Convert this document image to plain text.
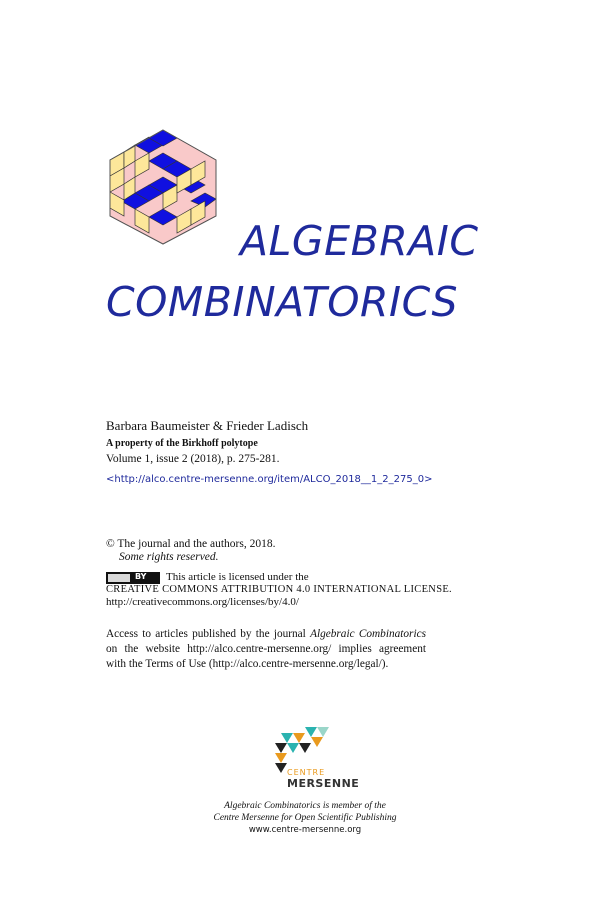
ALGEBRAIC
COMBINATORICS
Barbara Baumeister & Frieder Ladisch
A property of the Birkhoff polytope
Volume 1, issue 2 (2018), p. 275-281.
<http://alco.centre-mersenne.org/item/ALCO_2018__1_2_275_0>
© The journal and the authors, 2018.
Some rights reserved.
BY This article is licensed under the
CREATIVE COMMONS ATTRIBUTION 4.0 INTERNATIONAL LICENSE.
http://creativecommons.org/licenses/by/4.0/
Access to articles published by the journal Algebraic Combinatorics on the website http://alco.centre-mersenne.org/ implies agreement with the Terms of Use (http://alco.centre-mersenne.org/legal/).
CENTRE
MERSENNE
Algebraic Combinatorics is member of the
Centre Mersenne for Open Scientific Publishing
www.centre-mersenne.org
